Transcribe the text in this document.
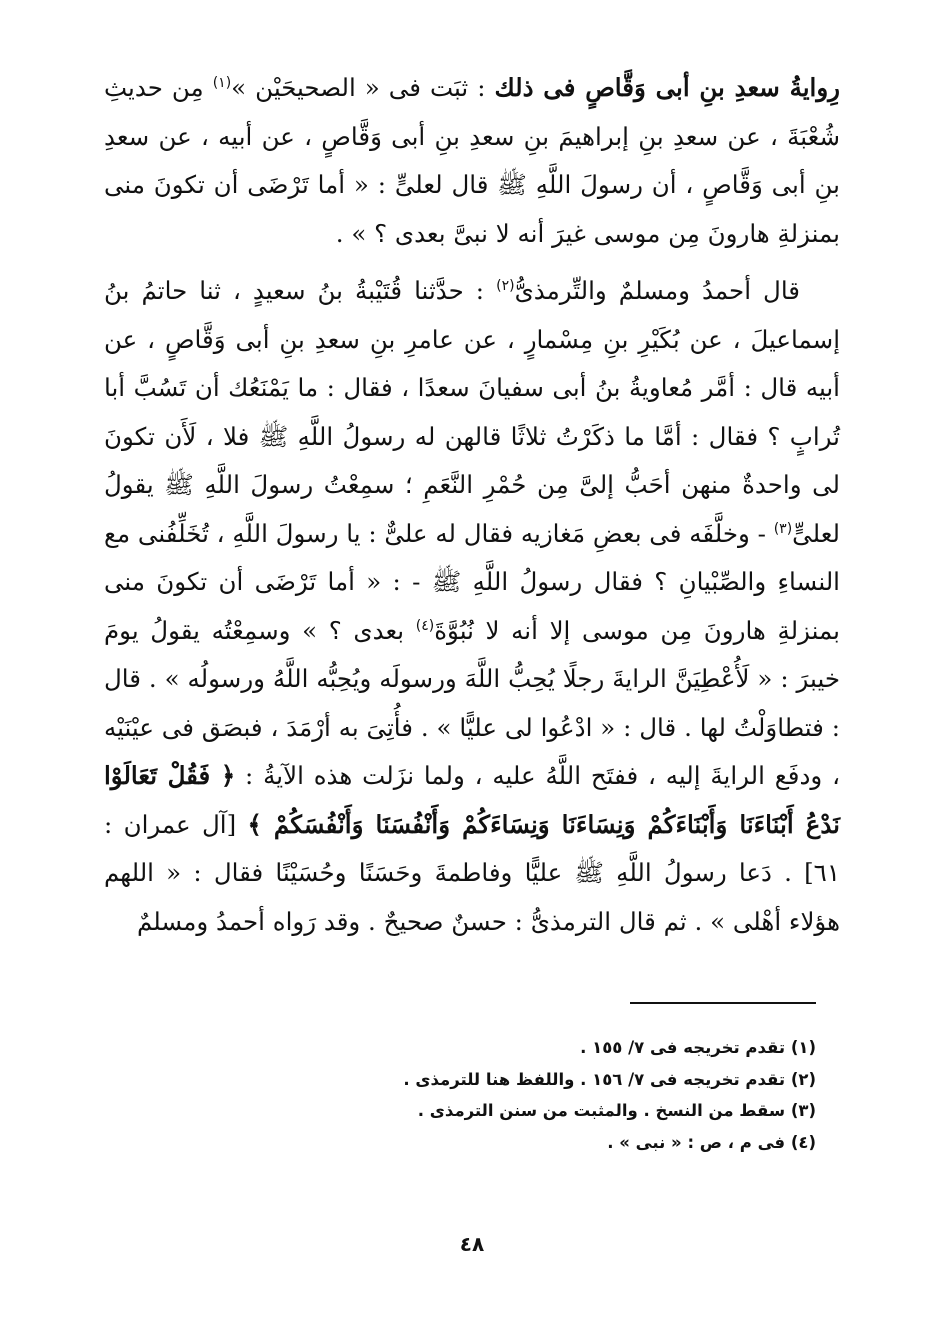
رِوايةُ سعدِ بنِ أبى وَقَّاصٍ فى ذلك : ثبَت فى « الصحيحَيْن »$^{(١)}$ مِن حديثِ شُعْبَةَ ، عن سعدِ بنِ إبراهيمَ بنِ سعدِ بنِ أبى وَقَّاصٍ ، عن أبيه ، عن سعدِ بنِ أبى وَقَّاصٍ ، أن رسولَ اللَّهِ ﷺ قال لعلىٍّ : « أما تَرْضَى أن تكونَ منى بمنزلةِ هارونَ مِن موسى غيرَ أنه لا نبىَّ بعدى ؟ » .

قال أحمدُ ومسلمٌ والتِّرمذىُّ$^{(٢)}$ : حدَّثنا قُتَيْبةُ بنُ سعيدٍ ، ثنا حاتمُ بنُ إسماعيلَ ، عن بُكَيْرِ بنِ مِسْمارٍ ، عن عامرِ بنِ سعدِ بنِ أبى وَقَّاصٍ ، عن أبيه قال : أمَّر مُعاويةُ بنُ أبى سفيانَ سعدًا ، فقال : ما يَمْنَعُك أن تَسُبَّ أبا تُرابٍ ؟ فقال : أمَّا ما ذكَرْتُ ثلاثًا قالهن له رسولُ اللَّهِ ﷺ فلا ، لَأَن تكونَ لى واحدةٌ منهن أحَبُّ إلىَّ مِن حُمْرِ النَّعَمِ ؛ سمِعْتُ رسولَ اللَّهِ ﷺ يقولُ لعلىٍّ$^{(٣)}$ - وخلَّفَه فى بعضِ مَغازيه فقال له علىٌّ : يا رسولَ اللَّهِ ، تُخَلِّفُنى مع النساءِ والصِّبْيانِ ؟ فقال رسولُ اللَّهِ ﷺ - : « أما تَرْضَى أن تكونَ منى بمنزلةِ هارونَ مِن موسى إلا أنه لا نُبُوَّةَ$^{(٤)}$ بعدى ؟ » وسمِعْتُه يقولُ يومَ خيبرَ : « لَأُعْطِيَنَّ الرايةَ رجلًا يُحِبُّ اللَّهَ ورسولَه ويُحِبُّه اللَّهُ ورسولُه » . قال : فتطاوَلْتُ لها . قال : « ادْعُوا لى عليًّا » . فأُتِىَ به أرْمَدَ ، فبصَق فى عيْنَيْه ، ودفَع الرايةَ إليه ، ففتَح اللَّهُ عليه ، ولما نزَلت هذه الآيةُ : ﴿ فَقُلْ تَعَالَوْا نَدْعُ أَبْنَاءَنَا وَأَبْنَاءَكُمْ وَنِسَاءَنَا وَنِسَاءَكُمْ وَأَنْفُسَنَا وَأَنْفُسَكُمْ ﴾ [آل عمران : ٦١] . دَعا رسولُ اللَّهِ ﷺ عليًّا وفاطمةَ وحَسَنًا وحُسَيْنًا فقال : « اللهم هؤلاء أهْلى » . ثم قال الترمذىُّ : حسنٌ صحيحٌ . وقد رَواه أحمدُ ومسلمٌ

(١) تقدم تخريجه فى ٧/ ١٥٥ .
(٢) تقدم تخريجه فى ٧/ ١٥٦ . واللفظ هنا للترمذى .
(٣) سقط من النسخ . والمثبت من سنن الترمذى .
(٤) فى م ، ص : « نبى » .
٤٨
